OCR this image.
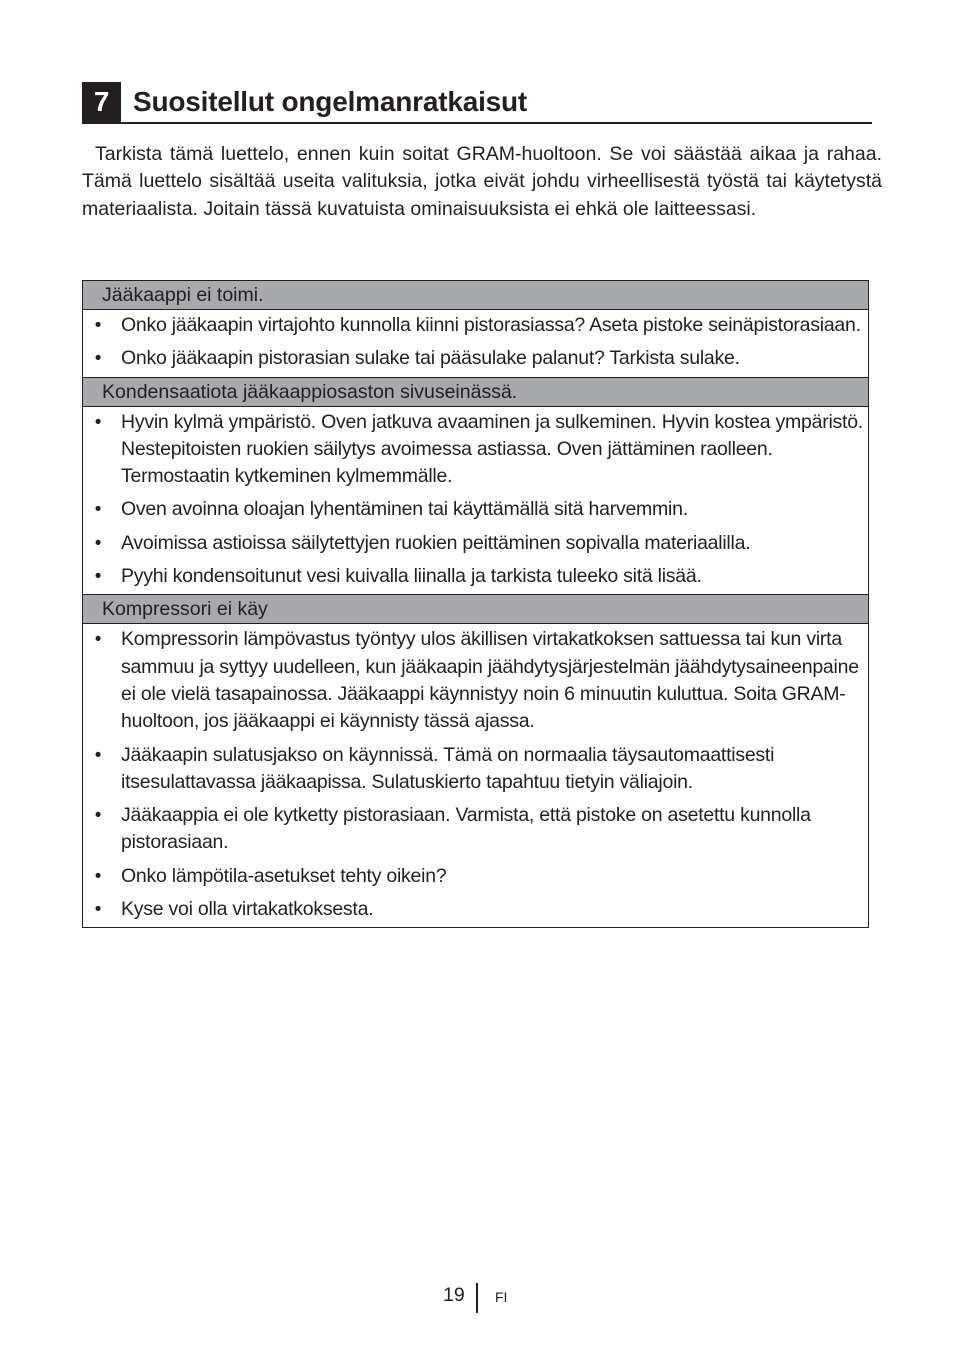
7 Suositellut ongelmanratkaisut

Tarkista tämä luettelo, ennen kuin soitat GRAM-huoltoon. Se voi säästää aikaa ja rahaa. Tämä luettelo sisältää useita valituksia, jotka eivät johdu virheellisestä työstä tai käytetystä materiaalista. Joitain tässä kuvatuista ominaisuuksista ei ehkä ole laitteessasi.

Jääkaappi ei toimi.
• Onko jääkaapin virtajohto kunnolla kiinni pistorasiassa? Aseta pistoke seinäpistorasiaan.
• Onko jääkaapin pistorasian sulake tai pääsulake palanut? Tarkista sulake.
Kondensaatiota jääkaappiosaston sivuseinässä.
• Hyvin kylmä ympäristö. Oven jatkuva avaaminen ja sulkeminen. Hyvin kostea ympäristö. Nestepitoisten ruokien säilytys avoimessa astiassa. Oven jättäminen raolleen. Termostaatin kytkeminen kylmemmälle.
• Oven avoinna oloajan lyhentäminen tai käyttämällä sitä harvemmin.
• Avoimissa astioissa säilytettyjen ruokien peittäminen sopivalla materiaalilla.
• Pyyhi kondensoitunut vesi kuivalla liinalla ja tarkista tuleeko sitä lisää.
Kompressori ei käy
• Kompressorin lämpövastus työntyy ulos äkillisen virtakatkoksen sattuessa tai kun virta sammuu ja syttyy uudelleen, kun jääkaapin jäähdytysjärjestelmän jäähdytysaineenpaine ei ole vielä tasapainossa. Jääkaappi käynnistyy noin 6 minuutin kuluttua. Soita GRAM-huoltoon, jos jääkaappi ei käynnisty tässä ajassa.
• Jääkaapin sulatusjakso on käynnissä. Tämä on normaalia täysautomaattisesti itsesulattavassa jääkaapissa. Sulatuskierto tapahtuu tietyin väliajoin.
• Jääkaappia ei ole kytketty pistorasiaan. Varmista, että pistoke on asetettu kunnolla pistorasiaan.
• Onko lämpötila-asetukset tehty oikein?
• Kyse voi olla virtakatkoksesta.
19 FI
